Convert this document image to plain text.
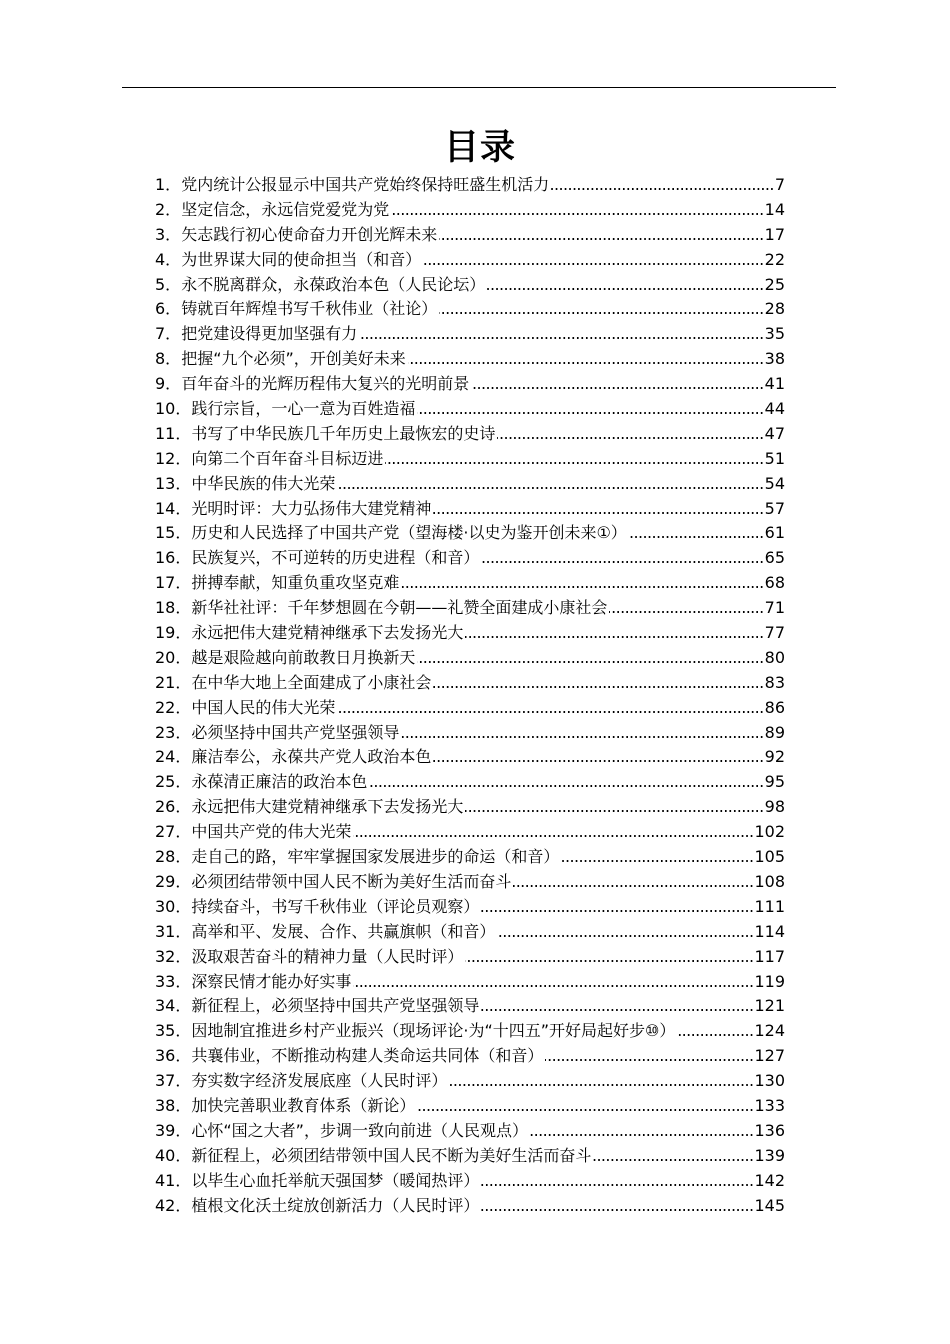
目录
1． 党内统计公报显示中国共产党始终保持旺盛生机活力 .....	7
2． 坚定信念，永远信党爱党为党 .....	14
3． 矢志践行初心使命奋力开创光辉未来 .....	17
4． 为世界谋大同的使命担当（和音） .....	22
5． 永不脱离群众，永葆政治本色（人民论坛） .....	25
6． 铸就百年辉煌书写千秋伟业（社论） .....	28
7． 把党建设得更加坚强有力 .....	35
8． 把握“九个必须”，开创美好未来 .....	38
9． 百年奋斗的光辉历程伟大复兴的光明前景 .....	41
10． 践行宗旨，一心一意为百姓造福 .....	44
11． 书写了中华民族几千年历史上最恢宏的史诗 .....	47
12． 向第二个百年奋斗目标迈进 .....	51
13． 中华民族的伟大光荣 .....	54
14． 光明时评：大力弘扬伟大建党精神 .....	57
15． 历史和人民选择了中国共产党（望海楼·以史为鉴开创未来①） .....	61
16． 民族复兴，不可逆转的历史进程（和音） .....	65
17． 拼搏奉献，知重负重攻坚克难 .....	68
18． 新华社社评：千年梦想圆在今朝——礼赞全面建成小康社会 .....	71
19． 永远把伟大建党精神继承下去发扬光大 .....	77
20． 越是艰险越向前敢教日月换新天 .....	80
21． 在中华大地上全面建成了小康社会 .....	83
22． 中国人民的伟大光荣 .....	86
23． 必须坚持中国共产党坚强领导 .....	89
24． 廉洁奉公，永葆共产党人政治本色 .....	92
25． 永葆清正廉洁的政治本色 .....	95
26． 永远把伟大建党精神继承下去发扬光大 .....	98
27． 中国共产党的伟大光荣 .....	102
28． 走自己的路，牢牢掌握国家发展进步的命运（和音） .....	105
29． 必须团结带领中国人民不断为美好生活而奋斗 .....	108
30． 持续奋斗，书写千秋伟业（评论员观察） .....	111
31． 高举和平、发展、合作、共赢旗帜（和音） .....	114
32． 汲取艰苦奋斗的精神力量（人民时评） .....	117
33． 深察民情才能办好实事 .....	119
34． 新征程上，必须坚持中国共产党坚强领导 .....	121
35． 因地制宜推进乡村产业振兴（现场评论·为“十四五”开好局起好步⑩） .....	124
36． 共襄伟业，不断推动构建人类命运共同体（和音） .....	127
37． 夯实数字经济发展底座（人民时评） .....	130
38． 加快完善职业教育体系（新论） .....	133
39． 心怀“国之大者”，步调一致向前进（人民观点） .....	136
40． 新征程上，必须团结带领中国人民不断为美好生活而奋斗 .....	139
41． 以毕生心血托举航天强国梦（暖闻热评） .....	142
42． 植根文化沃土绽放创新活力（人民时评） .....	145
